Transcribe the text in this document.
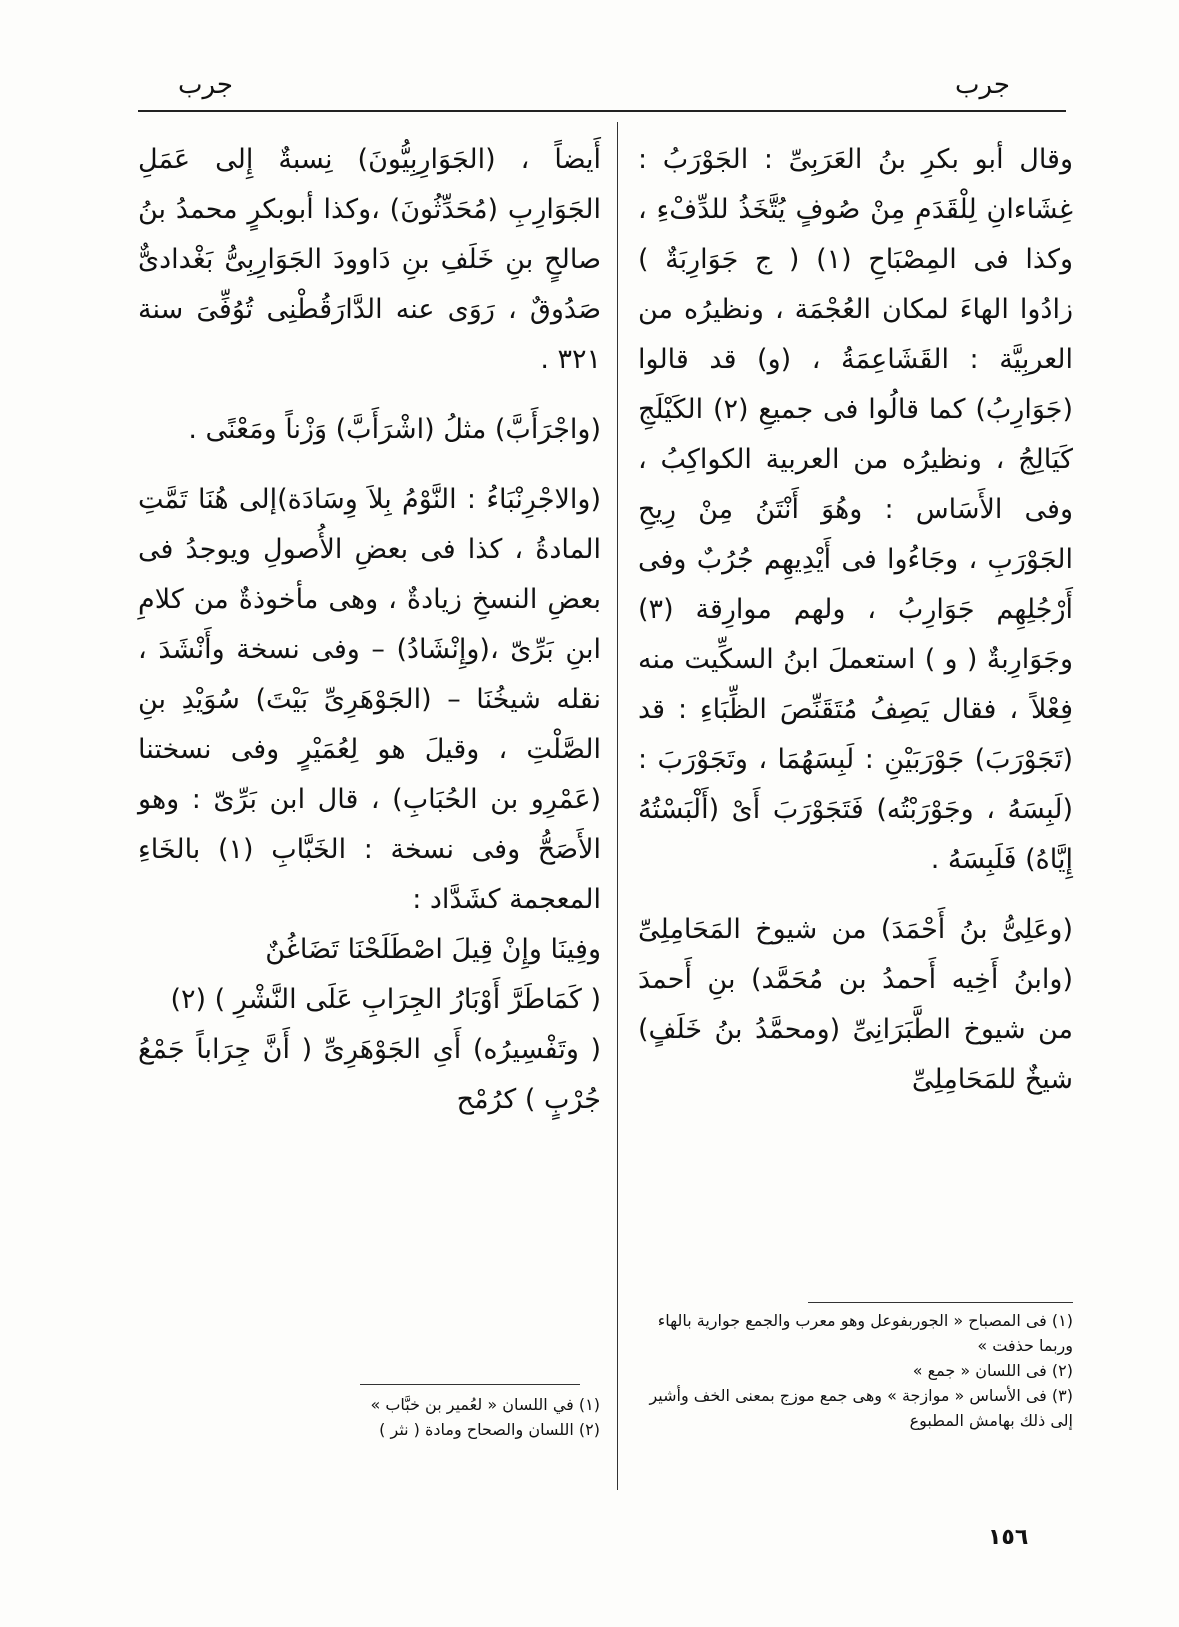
جرب
جرب

وقال أبو بكرِ بنُ العَرَبِىِّ : الجَوْرَبُ : غِشَاءانِ لِلْقَدَمِ مِنْ صُوفٍ يُتَّخَذُ للدِّفْءِ ، وكذا فى المِصْبَاحِ (١) ( ج جَوَارِبَةٌ ) زادُوا الهاءَ لمكان العُجْمَة ، ونظيرُه من العربِيَّة : القَشَاعِمَةُ ، (و) قد قالوا (جَوَارِبُ) كما قالُوا فى جميعِ (٢) الكَيْلَجِ كَيَالِجُ ، ونظيرُه من العربية الكواكِبُ ، وفى الأَسَاس : وهُوَ أَنْتَنُ مِنْ رِيحِ الجَوْرَبِ ، وجَاءُوا فى أَيْدِيهِم جُرُبٌ وفى أَرْجُلِهِم جَوَارِبُ ، ولهم موارِقة (٣) وجَوَارِبةٌ ( و ) استعملَ ابنُ السكِّيت منه فِعْلاً ، فقال يَصِفُ مُتَقَنِّصَ الظِّبَاءِ : قد (تَجَوْرَبَ) جَوْرَبَيْنِ : لَبِسَهُمَا ، وتَجَوْرَبَ : (لَبِسَهُ ، وجَوْرَبْتُه) فَتَجَوْرَبَ أَىْ (أَلْبَسْتُهُ إِيَّاهُ) فَلَبِسَهُ .

(وعَلِىُّ بنُ أَحْمَدَ) من شيوخ المَحَامِلِىِّ (وابنُ أَخِيه أَحمدُ بن مُحَمَّد) بنِ أَحمدَ من شيوخ الطَّبَرَانِىِّ (ومحمَّدُ بنُ خَلَفٍ) شيخٌ للمَحَامِلِىِّ

أَيضاً ، (الجَوَارِبِيُّونَ) نِسبةٌ إِلى عَمَلِ الجَوَارِبِ (مُحَدِّثُونَ) ،وكذا أبوبكرٍ محمدُ بنُ صالحٍ بنِ خَلَفِ بنِ دَاوودَ الجَوَارِبِىُّ بَغْدادىٌّ صَدُوقٌ ، رَوَى عنه الدَّارَقُطْنِى تُوُفِّىَ سنة ٣٢١ .

(واجْرَأَبَّ) مثلُ (اشْرَأَبَّ) وَزْناً ومَعْنًى .

(والاجْرِنْبَاءُ : النَّوْمُ بِلاَ وِسَادَة)إلى هُنَا تَمَّتِ المادةُ ، كذا فى بعضِ الأُصولِ ويوجدُ فى بعضِ النسخِ زيادةٌ ، وهى مأخوذةٌ من كلامِ ابنِ بَرِّىّ ،(وإِنْشَادُ) – وفى نسخة وأَنْشَدَ ، نقله شيخُنَا – (الجَوْهَرِىِّ بَيْتَ) سُوَيْدِ بنِ الصَّلْتِ ، وقيلَ هو لِعُمَيْرٍ وفى نسختنا (عَمْرِو بن الحُبَابِ) ، قال ابن بَرِّىّ : وهو الأَصَحُّ وفى نسخة : الخَبَّابِ (١) بالخَاءِ المعجمة كشَدَّاد :

وفِينَا وإِنْ قِيلَ اصْطَلَحْنَا تَضَاغُنٌ

( كَمَاطَرَّ أَوْبَارُ الجِرَابِ عَلَى النَّشْرِ ) (٢)

( وتَفْسِيرُه) أَىِ الجَوْهَرِىِّ ( أَنَّ جِرَاباً جَمْعُ جُرْبٍ ) كرُمْح

(١) فى المصباح « الجوربفوعل وهو معرب والجمع جوارية بالهاء وربما حذفت »

(٢) فى اللسان « جمع »

(٣) فى الأساس « موازجة » وهى جمع موزج بمعنى الخف وأشير إلى ذلك بهامش المطبوع

(١) في اللسان « لعُمير بن خبَّاب »

(٢) اللسان والصحاح ومادة ( نثر )

١٥٦
